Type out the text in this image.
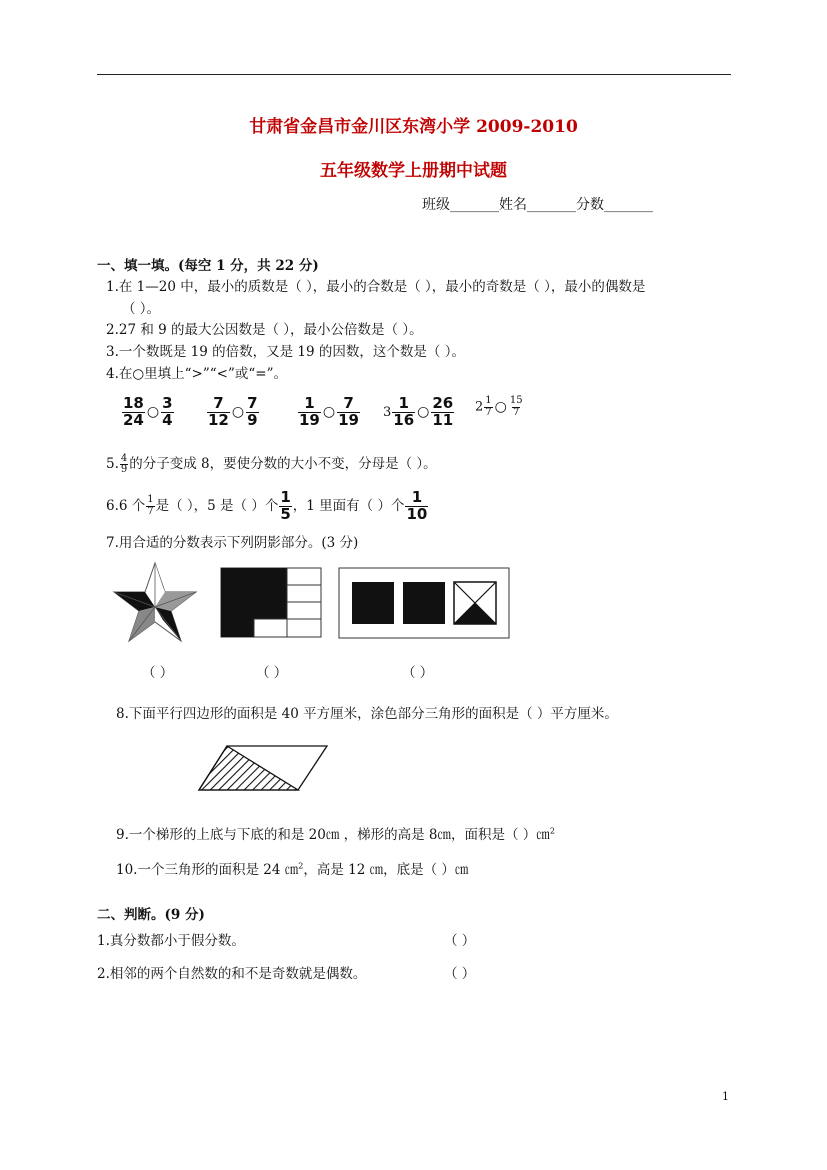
甘肃省金昌市金川区东湾小学 2009-2010
五年级数学上册期中试题
班级_______姓名_______分数_______
一、填一填。(每空 1 分，共 22 分)
1.在 1—20 中，最小的质数是（ ），最小的合数是（ ），最小的奇数是（ ），最小的偶数是
（ ）。
2.27 和 9 的最大公因数是（ ），最小公倍数是（ ）。
3.一个数既是 19 的倍数，又是 19 的因数，这个数是（ ）。
4.在○里填上“>”“<”或“=”。
$\frac{18}{24}$ ○ $\frac{3}{4} \frac{7}{12}$ ○ $\frac{7}{9}$	$\frac{1}{19}$ ○ $\frac{7}{19} 3 \frac{1}{16}$ ○ $\frac{26}{11} 2 \frac{1}{7}$ ○ $\frac{15}{7}$
5. $\frac{4}{9}$ 的分子变成 8，要使分数的大小不变，分母是（ ）。
6.6 个 $\frac{1}{7}$ 是（ ），5 是（ ）个 $\frac{1}{5}$ ，1 里面有（ ）个 $\frac{1}{10}$
7.用合适的分数表示下列阴影部分。(3 分)
（ ）	（ ）	（ ）
8.下面平行四边形的面积是 40 平方厘米，涂色部分三角形的面积是（ ）平方厘米。
9.一个梯形的上底与下底的和是 20㎝ ，梯形的高是 8㎝，面积是（ ）㎝$^2$
10.一个三角形的面积是 24 ㎝$^2$，高是 12 ㎝，底是（ ）㎝
二、判断。(9 分)
1.真分数都小于假分数。	（ ）
2.相邻的两个自然数的和不是奇数就是偶数。	（ ）
1
